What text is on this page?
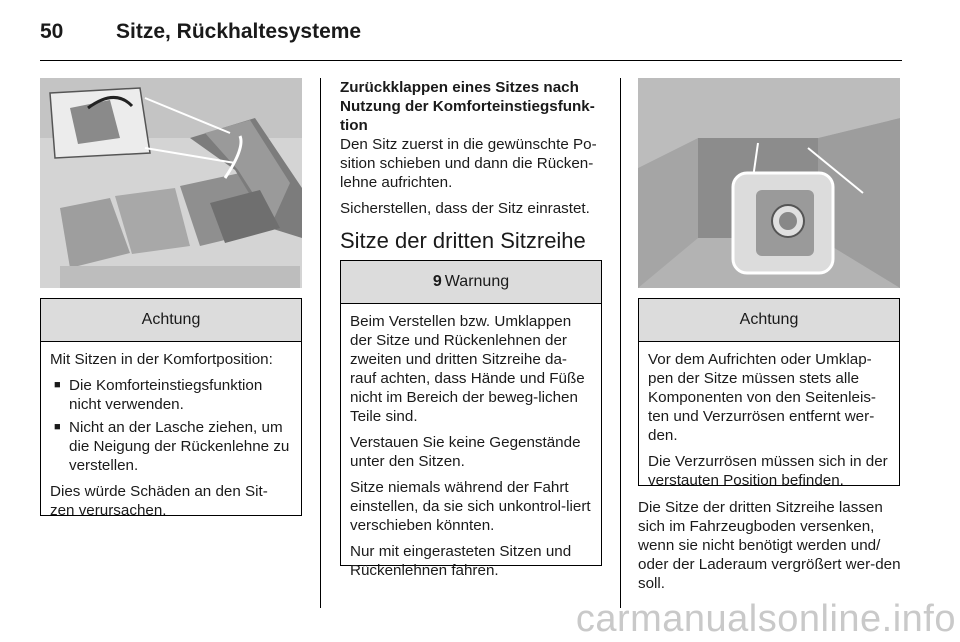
50	Sitze, Rückhaltesysteme
Achtung

Mit Sitzen in der Komfortposition:

■ Die Komforteinstiegsfunktion nicht verwenden.
■ Nicht an der Lasche ziehen, um die Neigung der Rückenlehne zu verstellen.

Dies würde Schäden an den Sit-zen verursachen.

Zurückklappen eines Sitzes nach Nutzung der Komforteinstiegsfunk-tion

Den Sitz zuerst in die gewünschte Po-sition schieben und dann die Rücken-lehne aufrichten.

Sicherstellen, dass der Sitz einrastet.

Sitze der dritten Sitzreihe
9 Warnung

Beim Verstellen bzw. Umklappen der Sitze und Rückenlehnen der zweiten und dritten Sitzreihe da-rauf achten, dass Hände und Füße nicht im Bereich der beweg-lichen Teile sind.

Verstauen Sie keine Gegenstände unter den Sitzen.

Sitze niemals während der Fahrt einstellen, da sie sich unkontrol-liert verschieben könnten.

Nur mit eingerasteten Sitzen und Rückenlehnen fahren.

Achtung

Vor dem Aufrichten oder Umklap-pen der Sitze müssen stets alle Komponenten von den Seitenleis-ten und Verzurrösen entfernt wer-den.

Die Verzurrösen müssen sich in der verstauten Position befinden.

Die Sitze der dritten Sitzreihe lassen sich im Fahrzeugboden versenken, wenn sie nicht benötigt werden und/ oder der Laderaum vergrößert wer-den soll.
carmanualsonline.info
